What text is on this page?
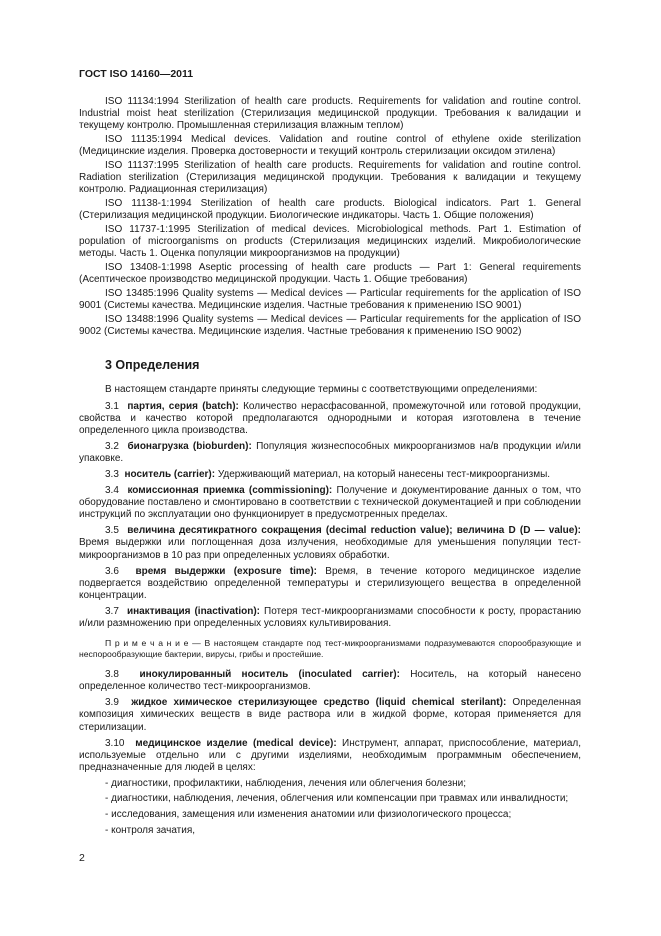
ГОСТ ISO 14160—2011

ISO 11134:1994 Sterilization of health care products. Requirements for validation and routine control. Industrial moist heat sterilization (Стерилизация медицинской продукции. Требования к валидации и текущему контролю. Промышленная стерилизация влажным теплом)

ISO 11135:1994 Medical devices. Validation and routine control of ethylene oxide sterilization (Медицинские изделия. Проверка достоверности и текущий контроль стерилизации оксидом этилена)

ISO 11137:1995 Sterilization of health care products. Requirements for validation and routine control. Radiation sterilization (Стерилизация медицинской продукции. Требования к валидации и текущему контролю. Радиационная стерилизация)

ISO 11138-1:1994 Sterilization of health care products. Biological indicators. Part 1. General (Стерилизация медицинской продукции. Биологические индикаторы. Часть 1. Общие положения)

ISO 11737-1:1995 Sterilization of medical devices. Microbiological methods. Part 1. Estimation of population of microorganisms on products (Стерилизация медицинских изделий. Микробиологические методы. Часть 1. Оценка популяции микроорганизмов на продукции)

ISO 13408-1:1998 Aseptic processing of health care products — Part 1: General requirements (Асептическое производство медицинской продукции. Часть 1. Общие требования)

ISO 13485:1996 Quality systems — Medical devices — Particular requirements for the application of ISO 9001 (Системы качества. Медицинские изделия. Частные требования к применению ISO 9001)

ISO 13488:1996 Quality systems — Medical devices — Particular requirements for the application of ISO 9002 (Системы качества. Медицинские изделия. Частные требования к применению ISO 9002)

3 Определения

В настоящем стандарте приняты следующие термины с соответствующими определениями:

3.1 партия, серия (batch): Количество нерасфасованной, промежуточной или готовой продукции, свойства и качество которой предполагаются однородными и которая изготовлена в течение определенного цикла производства.

3.2 бионагрузка (bioburden): Популяция жизнеспособных микроорганизмов на/в продукции и/или упаковке.

3.3 носитель (carrier): Удерживающий материал, на который нанесены тест-микроорганизмы.

3.4 комиссионная приемка (commissioning): Получение и документирование данных о том, что оборудование поставлено и смонтировано в соответствии с технической документацией и при соблюдении инструкций по эксплуатации оно функционирует в предусмотренных пределах.

3.5 величина десятикратного сокращения (decimal reduction value); величина D (D — value): Время выдержки или поглощенная доза излучения, необходимые для уменьшения популяции тест-микроорганизмов в 10 раз при определенных условиях обработки.

3.6 время выдержки (exposure time): Время, в течение которого медицинское изделие подвергается воздействию определенной температуры и стерилизующего вещества в определенной концентрации.

3.7 инактивация (inactivation): Потеря тест-микроорганизмами способности к росту, прорастанию и/или размножению при определенных условиях культивирования.

П р и м е ч а н и е — В настоящем стандарте под тест-микроорганизмами подразумеваются спорообразующие и неспорообразующие бактерии, вирусы, грибы и простейшие.

3.8 инокулированный носитель (inoculated carrier): Носитель, на который нанесено определенное количество тест-микроорганизмов.

3.9 жидкое химическое стерилизующее средство (liquid chemical sterilant): Определенная композиция химических веществ в виде раствора или в жидкой форме, которая применяется для стерилизации.

3.10 медицинское изделие (medical device): Инструмент, аппарат, приспособление, материал, используемые отдельно или с другими изделиями, необходимым программным обеспечением, предназначенные для людей в целях:

- диагностики, профилактики, наблюдения, лечения или облегчения болезни;
- диагностики, наблюдения, лечения, облегчения или компенсации при травмах или инвалидности;
- исследования, замещения или изменения анатомии или физиологического процесса;
- контроля зачатия,
2
